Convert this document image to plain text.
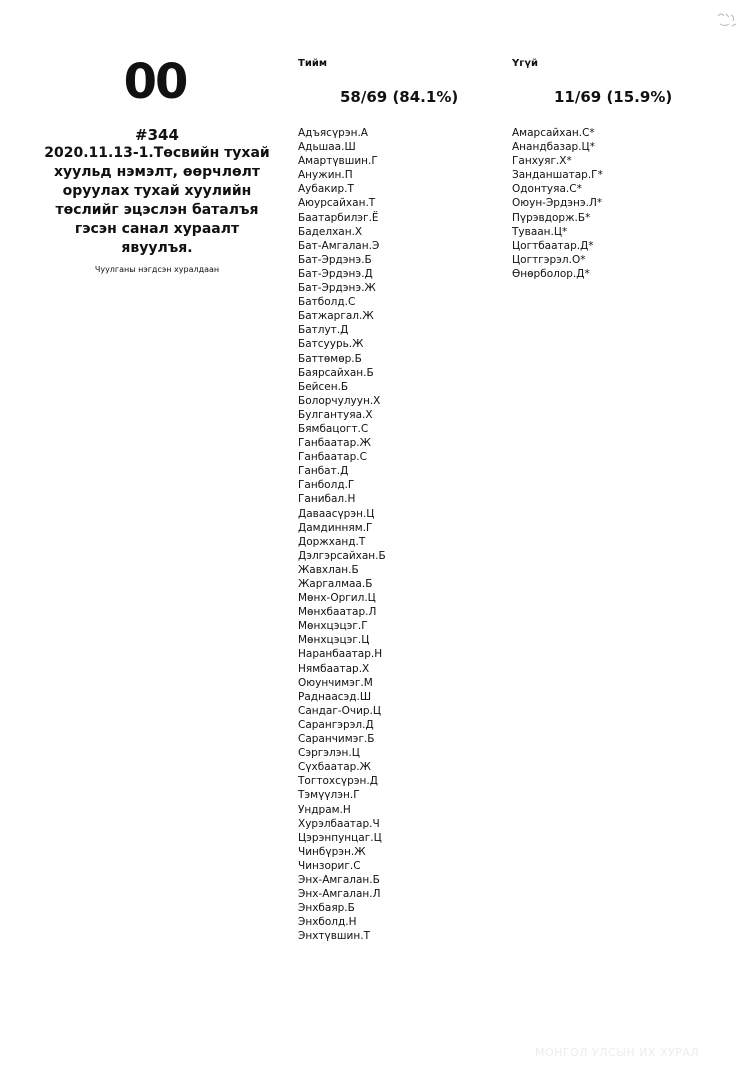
00
#344
2020.11.13-1.Төсвийн тухай хуульд нэмэлт, өөрчлөлт оруулах тухай хуулийн төслийг эцэслэн баталъя гэсэн санал хураалт явуулъя.
Чуулганы нэгдсэн хуралдаан
Тийм	Үгүй
58/69 (84.1%)	11/69 (15.9%)
Адъясүрэн.А
Адьшаа.Ш
Амартүвшин.Г
Анужин.П
Аубакир.Т
Аюурсайхан.Т
Баатарбилэг.Ё
Баделхан.Х
Бат-Амгалан.Э
Бат-Эрдэнэ.Б
Бат-Эрдэнэ.Д
Бат-Эрдэнэ.Ж
Батболд.С
Батжаргал.Ж
Батлут.Д
Батсуурь.Ж
Баттөмөр.Б
Баярсайхан.Б
Бейсен.Б
Болорчулуун.Х
Булгантуяа.Х
Бямбацогт.С
Ганбаатар.Ж
Ганбаатар.С
Ганбат.Д
Ганболд.Г
Ганибал.Н
Давaaсүрэн.Ц
Дамдинням.Г
Доржханд.Т
Дэлгэрсайхан.Б
Жавхлан.Б
Жаргалмаа.Б
Мөнх-Оргил.Ц
Мөнхбаатар.Л
Мөнхцэцэг.Г
Мөнхцэцэг.Ц
Наранбаатар.Н
Нямбаатар.Х
Оюунчимэг.М
Раднаасэд.Ш
Сандаг-Очир.Ц
Сарангэрэл.Д
Саранчимэг.Б
Сэргэлэн.Ц
Сүхбаатар.Ж
Тогтохсүрэн.Д
Тэмүүлэн.Г
Ундрам.Н
Хурэлбаатар.Ч
Цэрэнпунцаг.Ц
Чинбүрэн.Ж
Чинзориг.С
Энх-Амгалан.Б
Энх-Амгалан.Л
Энхбаяр.Б
Энхболд.Н
Энхтүвшин.Т
Амарсайхан.С*
Анандбазар.Ц*
Ганхуяг.Х*
Занданшатар.Г*
Одонтуяа.С*
Оюун-Эрдэнэ.Л*
Пүрэвдорж.Б*
Туваан.Ц*
Цогтбаатар.Д*
Цогтгэрэл.О*
Өнөрболор.Д*
МОНГОЛ УЛСЫН ИХ ХУРАЛ
